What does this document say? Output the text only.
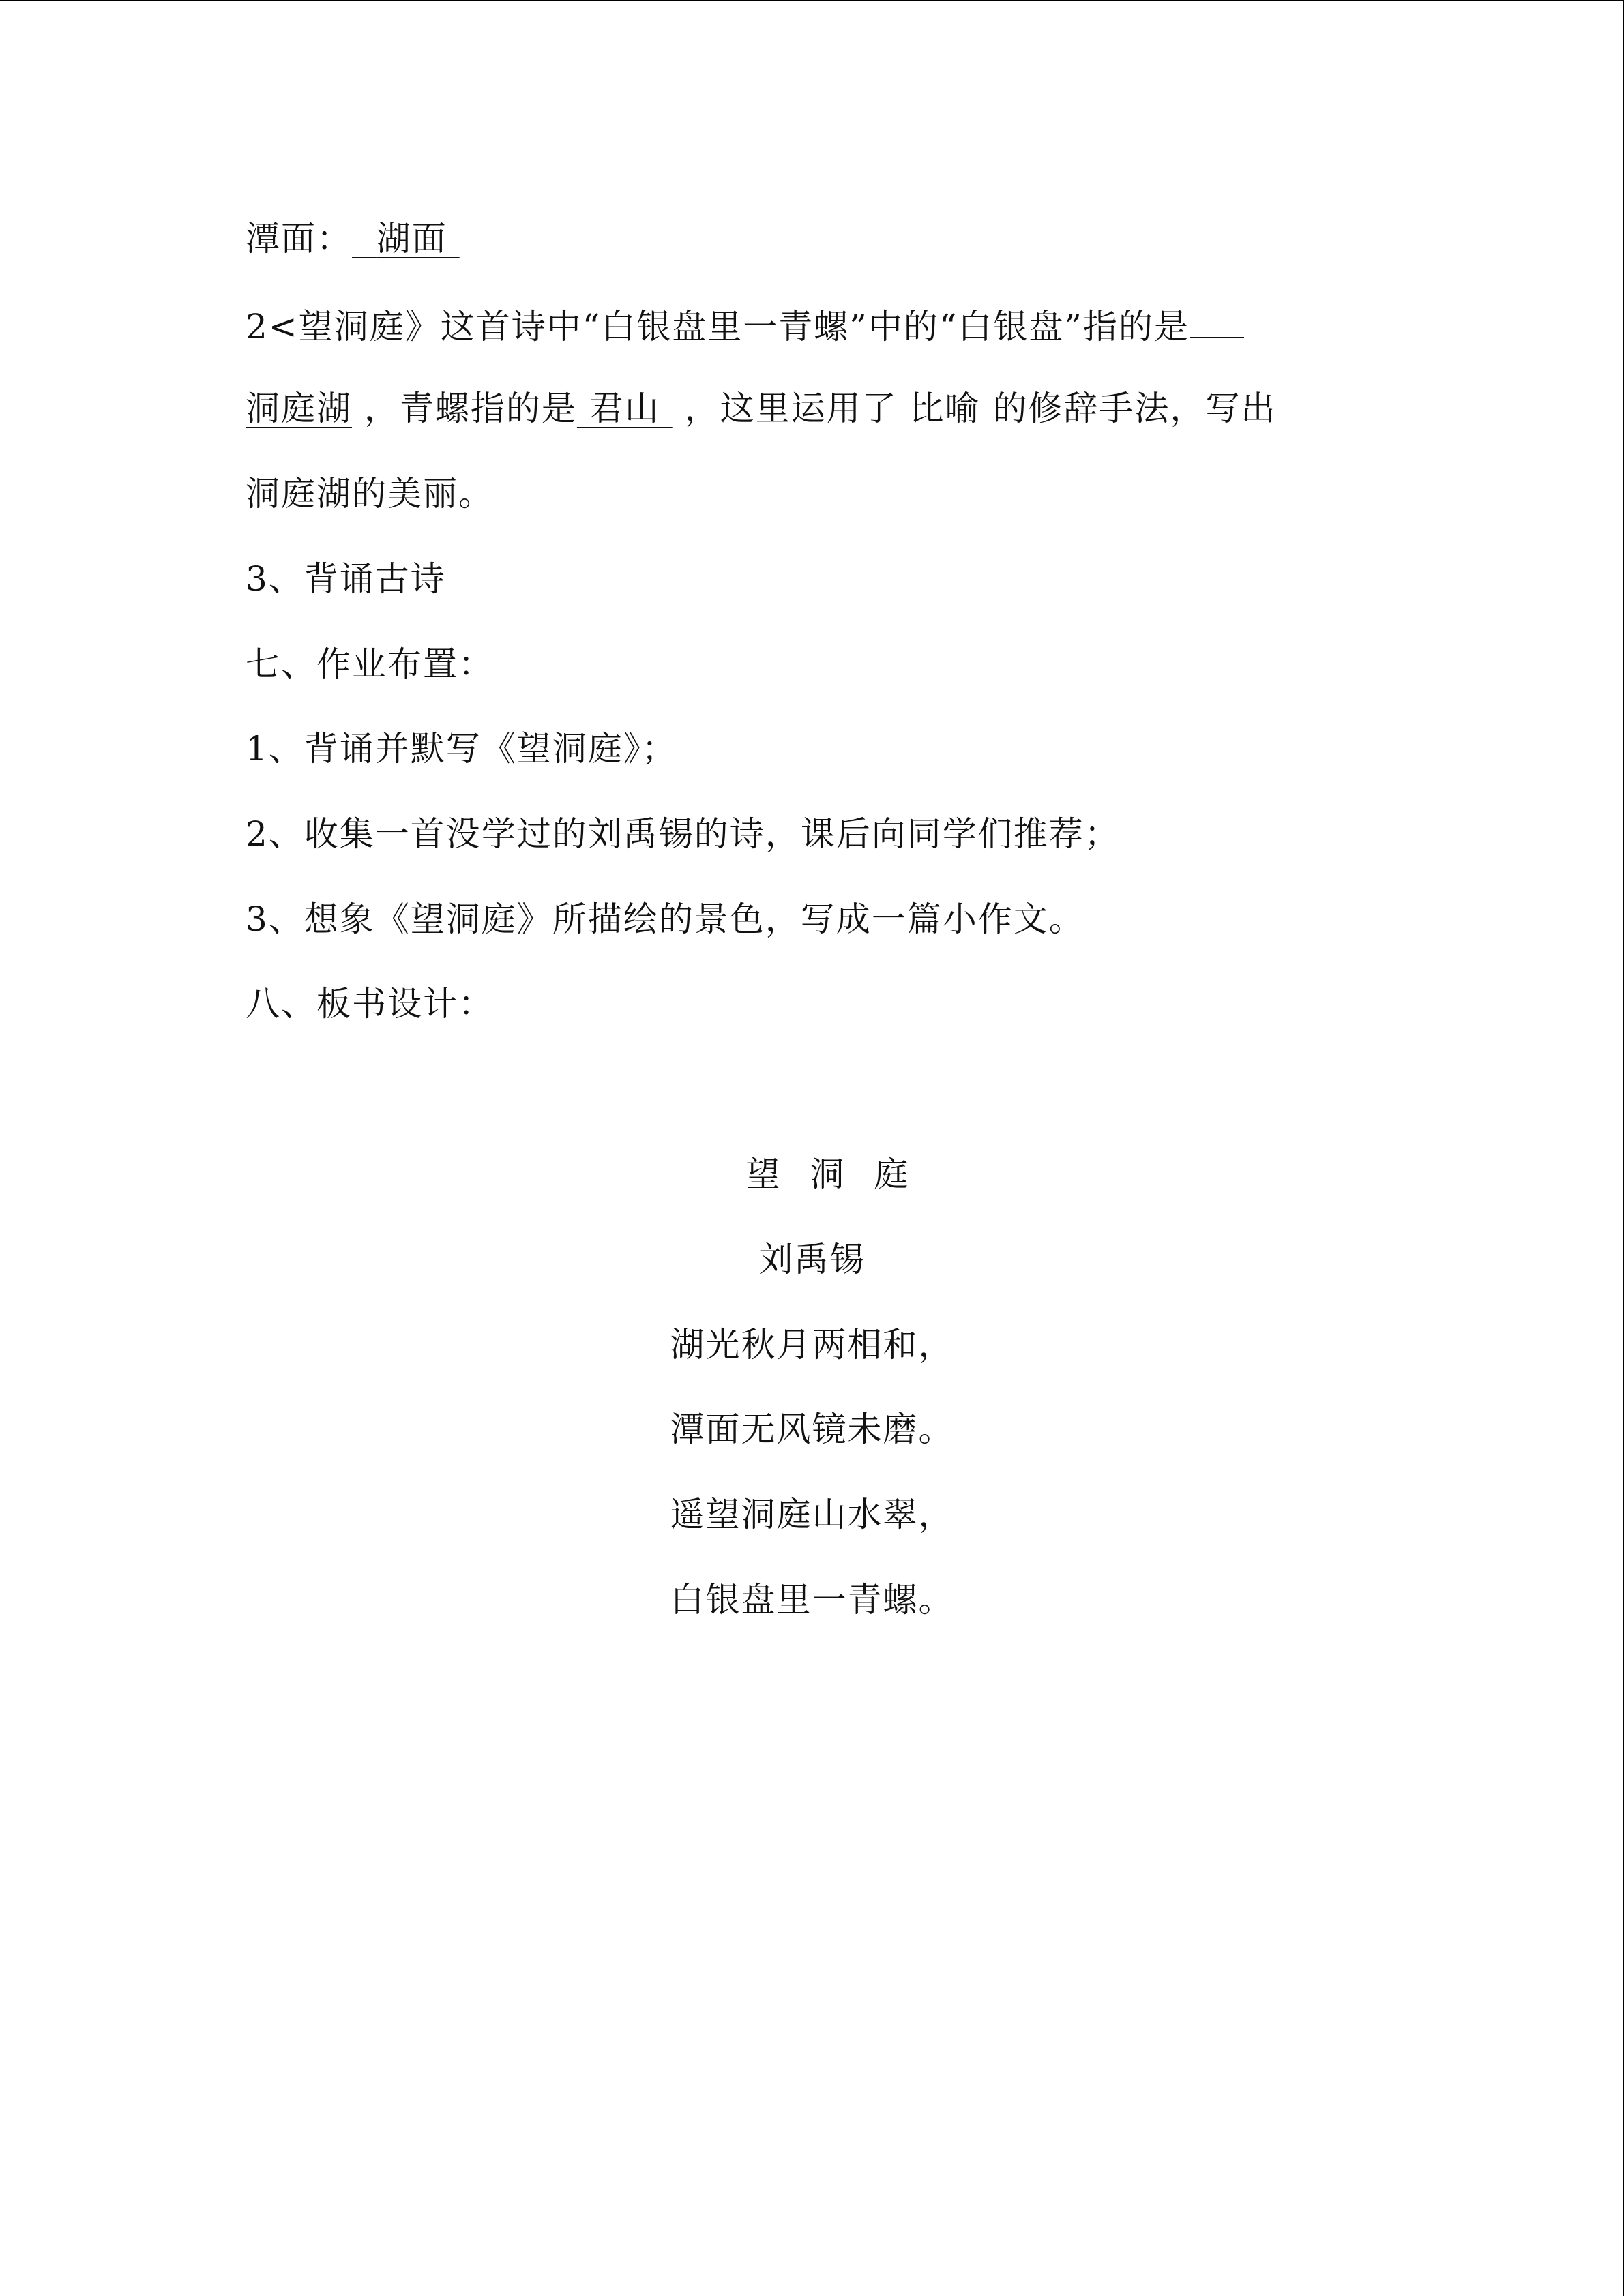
潭面： 湖面
2<望洞庭》这首诗中“白银盘里一青螺”中的“白银盘”指的是
洞庭湖 ，青螺指的是 君山 ，这里运用了 比喻 的修辞手法，写出
洞庭湖的美丽。
3、背诵古诗
七、作业布置：
1、背诵并默写《望洞庭》；
2、收集一首没学过的刘禹锡的诗，课后向同学们推荐；
3、想象《望洞庭》所描绘的景色，写成一篇小作文。
八、板书设计：
望洞庭
刘禹锡
湖光秋月两相和，
潭面无风镜未磨。
遥望洞庭山水翠，
白银盘里一青螺。
